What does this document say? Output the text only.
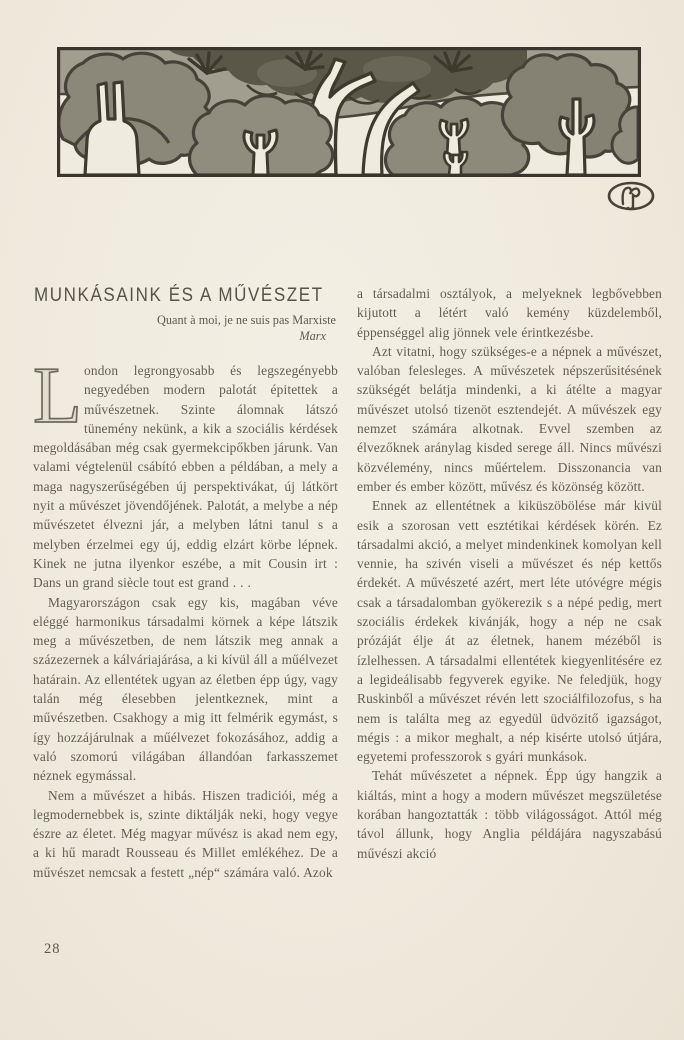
MUNKÁSAINK ÉS A MŰVÉSZET
Quant à moi, je ne suis pas Marxiste
Marx

London legrongyosabb és legszegényebb negyedében modern palotát épitettek a művészetnek. Szinte álomnak látszó tünemény nekünk, a kik a szociális kérdések megoldásában még csak gyermekcipőkben járunk. Van valami végtelenül csábító ebben a példában, a mely a maga nagyszerűségében új perspektivákat, új látkört nyit a művészet jövendőjének. Palotát, a melybe a nép művészetet élvezni jár, a melyben látni tanul s a melyben érzelmei egy új, eddig elzárt körbe lépnek. Kinek ne jutna ilyenkor eszébe, a mit Cousin irt : Dans un grand siècle tout est grand . . .

Magyarországon csak egy kis, magában véve eléggé harmonikus társadalmi körnek a képe látszik meg a művészetben, de nem látszik meg annak a százezernek a kálváriajárása, a ki kívül áll a műélvezet határain. Az ellentétek ugyan az életben épp úgy, vagy talán még élesebben jelentkeznek, mint a művészetben. Csakhogy a mig itt felmérik egymást, s így hozzájárulnak a műélvezet fokozásához, addig a való szomorú világában állandóan farkasszemet néznek egymással.

Nem a művészet a hibás. Hiszen tradiciói, még a legmodernebbek is, szinte diktálják neki, hogy vegye észre az életet. Még magyar művész is akad nem egy, a ki hű maradt Rousseau és Millet emlékéhez. De a művészet nemcsak a festett „nép“ számára való. Azok

a társadalmi osztályok, a melyeknek legbővebben kijutott a létért való kemény küzdelemből, éppenséggel alig jönnek vele érintkezésbe.

Azt vitatni, hogy szükséges-e a népnek a művészet, valóban felesleges. A művészetek népszerűsitésének szükségét belátja mindenki, a ki átélte a magyar művészet utolsó tizenöt esztendejét. A művészek egy nemzet számára alkotnak. Evvel szemben az élvezőknek aránylag kisded serege áll. Nincs művészi közvélemény, nincs műértelem. Disszonancia van ember és ember között, művész és közönség között.

Ennek az ellentétnek a kiküszöbölése már kivül esik a szorosan vett esztétikai kérdések körén. Ez társadalmi akció, a melyet mindenkinek komolyan kell vennie, ha szivén viseli a művészet és nép kettős érdekét. A művészeté azért, mert léte utóvégre mégis csak a társadalomban gyökerezik s a népé pedig, mert szociális érdekek kivánják, hogy a nép ne csak prózáját élje át az életnek, hanem mézéből is ízlelhessen. A társadalmi ellentétek kiegyenlitésére ez a legideálisabb fegyverek egyike. Ne feledjük, hogy Ruskinből a művészet révén lett szociálfilozofus, s ha nem is találta meg az egyedül üdvözitő igazságot, mégis : a mikor meghalt, a nép kisérte utolsó útjára, egyetemi professzorok s gyári munkások.

Tehát művészetet a népnek. Épp úgy hangzik a kiáltás, mint a hogy a modern művészet megszületése korában hangoztatták : több világosságot. Attól még távol állunk, hogy Anglia példájára nagyszabású művészi akció

28
